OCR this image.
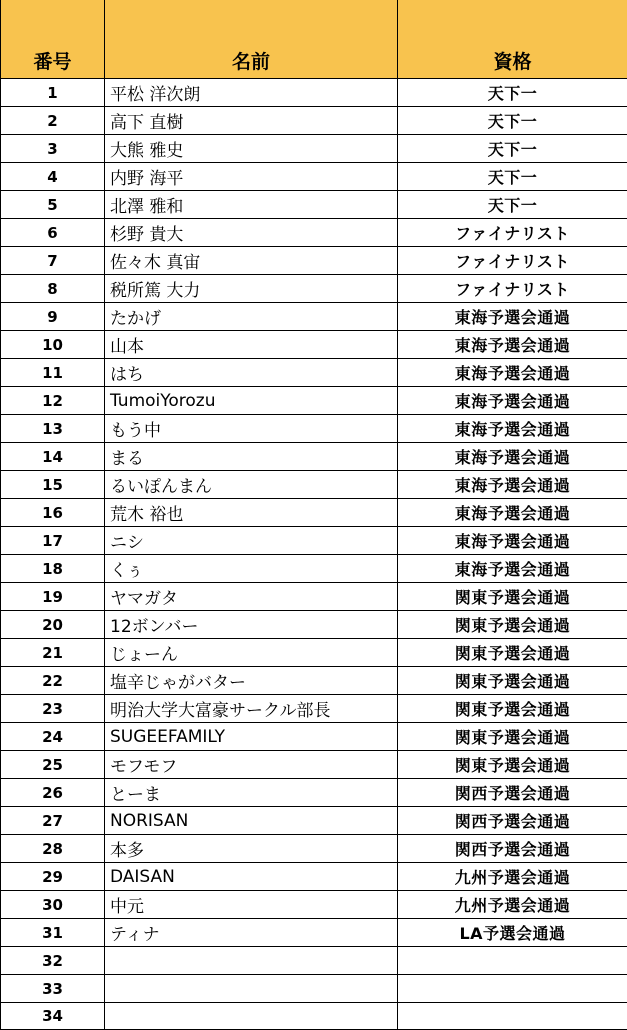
番号	名前	資格
1	平松 洋次朗	天下一
2	高下 直樹	天下一
3	大熊 雅史	天下一
4	内野 海平	天下一
5	北澤 雅和	天下一
6	杉野 貴大	ファイナリスト
7	佐々木 真宙	ファイナリスト
8	税所篤 大力	ファイナリスト
9	たかげ	東海予選会通過
10	山本	東海予選会通過
11	はち	東海予選会通過
12	TumoiYorozu	東海予選会通過
13	もう中	東海予選会通過
14	まる	東海予選会通過
15	るいぽんまん	東海予選会通過
16	荒木 裕也	東海予選会通過
17	ニシ	東海予選会通過
18	くぅ	東海予選会通過
19	ヤマガタ	関東予選会通過
20	12ボンバー	関東予選会通過
21	じょーん	関東予選会通過
22	塩辛じゃがバター	関東予選会通過
23	明治大学大富豪サークル部長	関東予選会通過
24	SUGEEFAMILY	関東予選会通過
25	モフモフ	関東予選会通過
26	とーま	関西予選会通過
27	NORISAN	関西予選会通過
28	本多	関西予選会通過
29	DAISAN	九州予選会通過
30	中元	九州予選会通過
31	ティナ	LA予選会通過
32		
33		
34		
